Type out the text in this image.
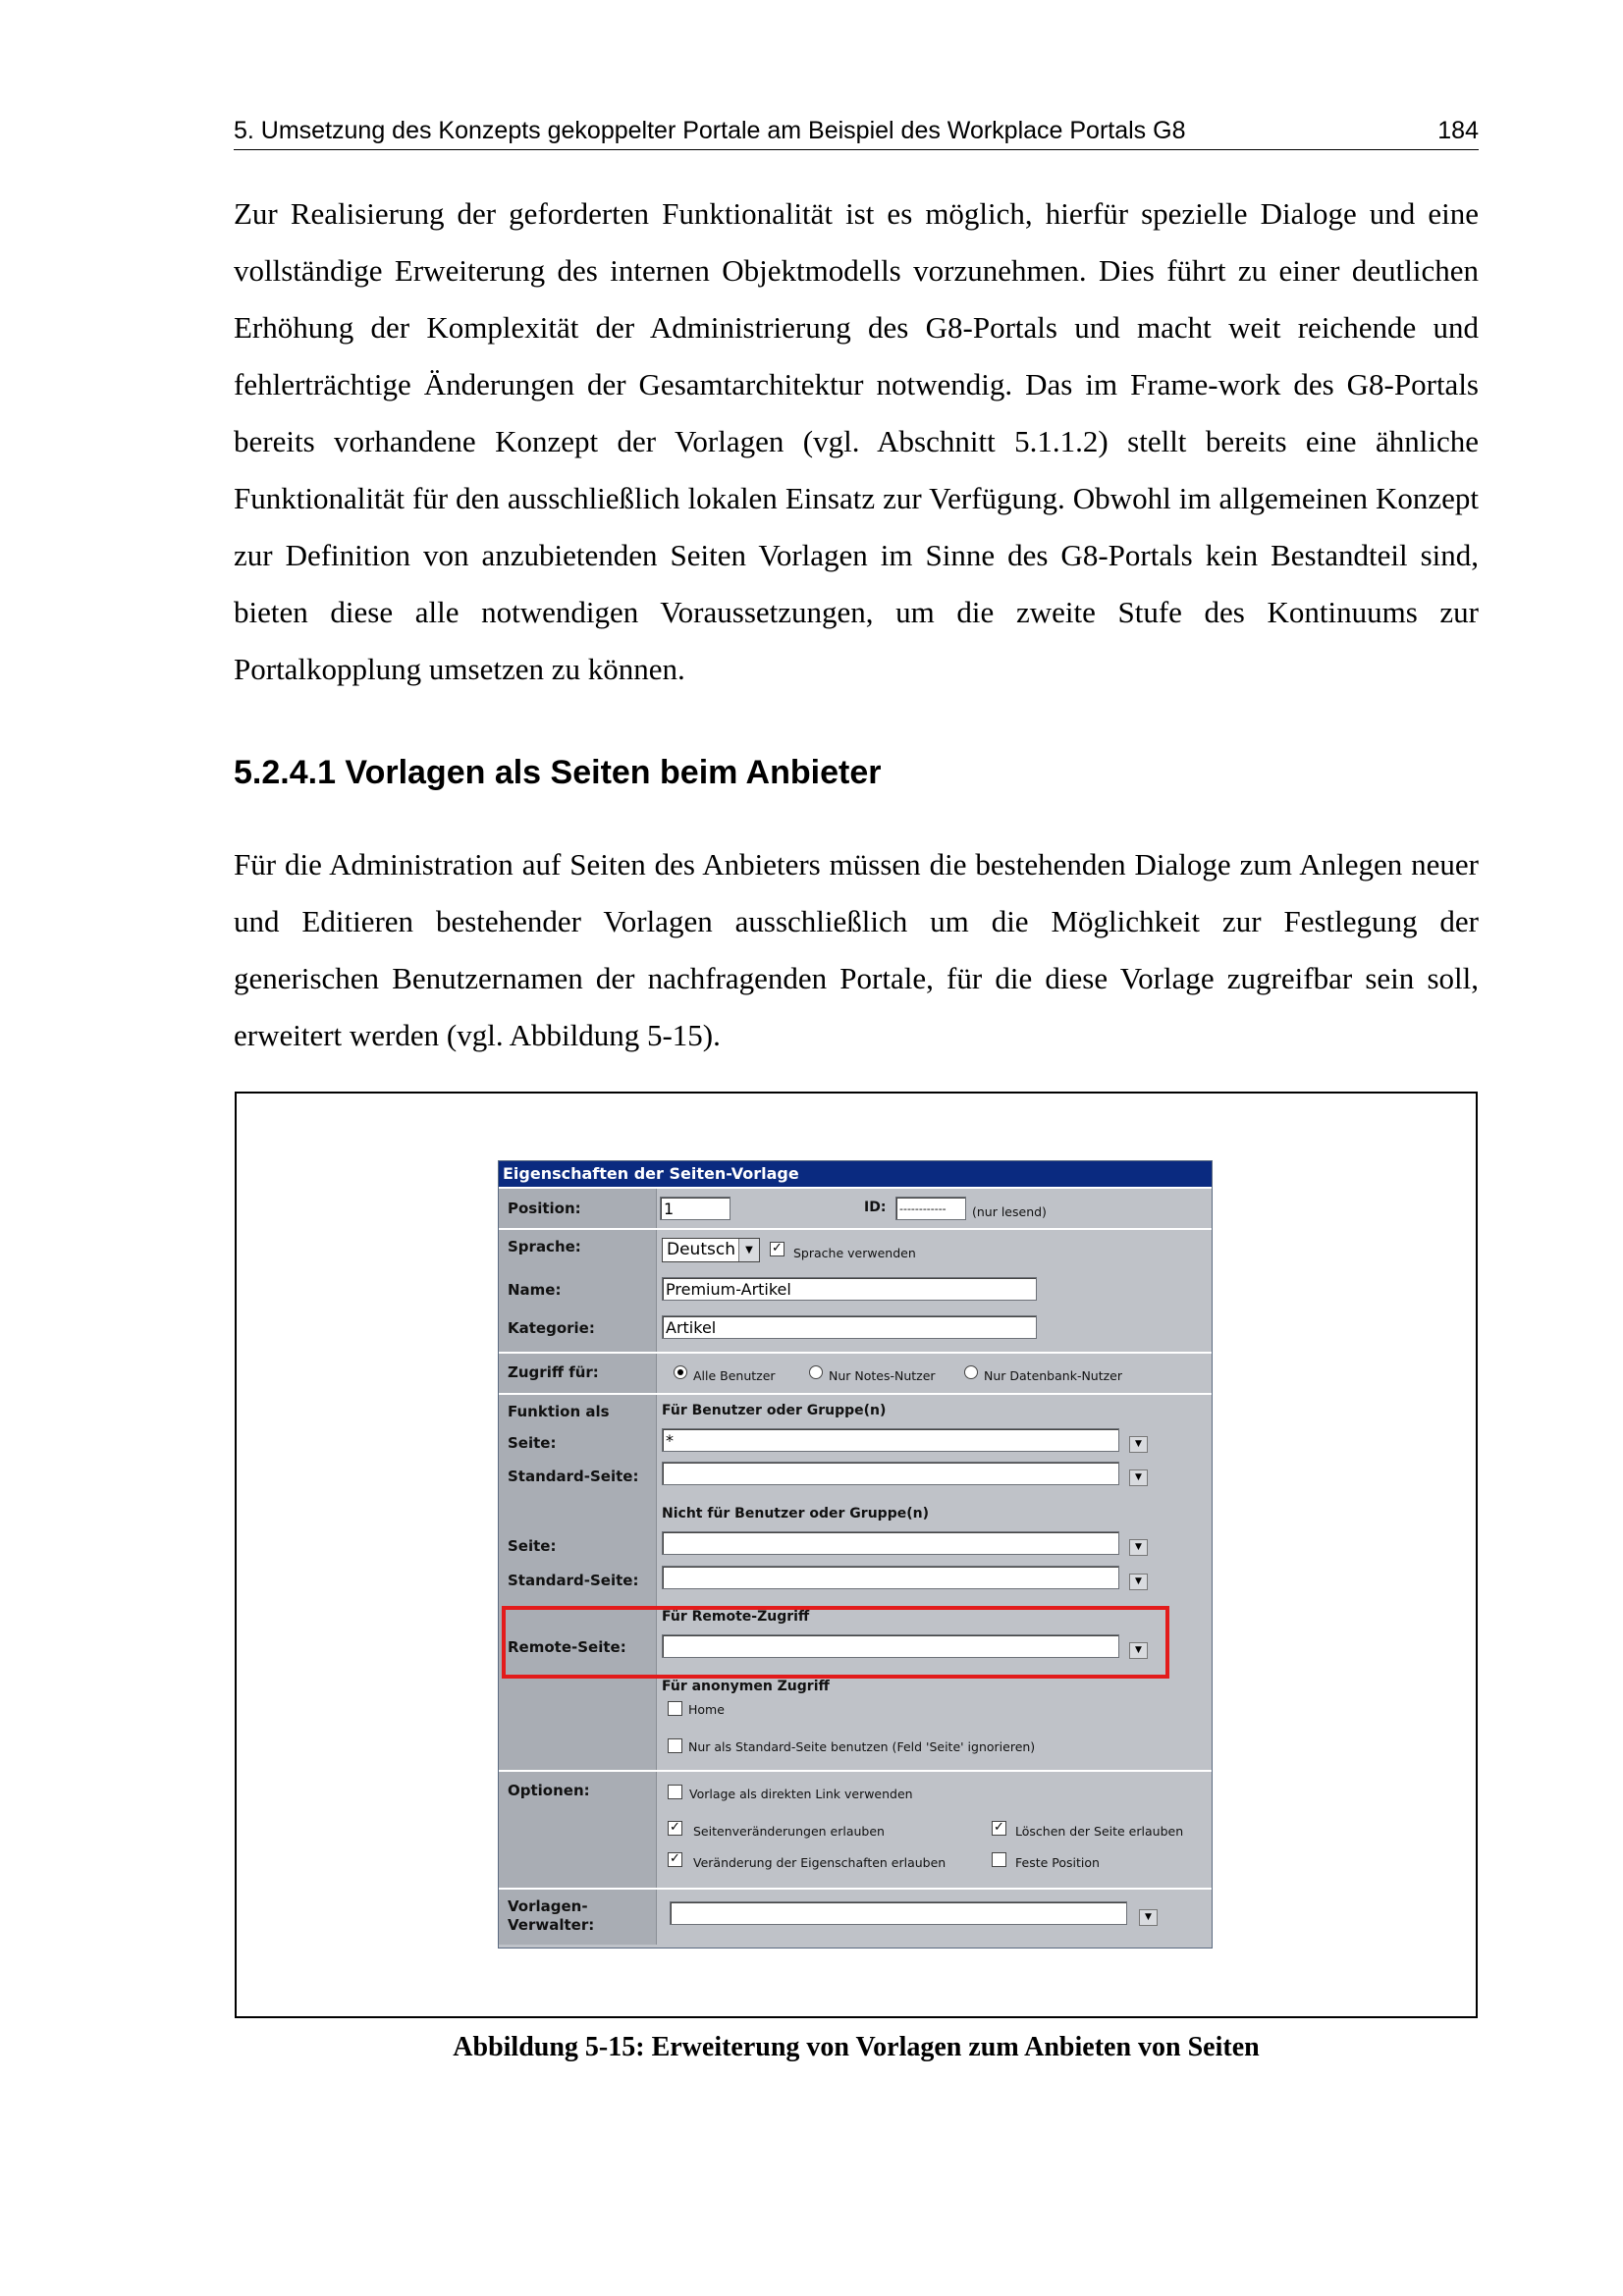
5. Umsetzung des Konzepts gekoppelter Portale am Beispiel des Workplace Portals G8	184

Zur Realisierung der geforderten Funktionalität ist es möglich, hierfür spezielle Dialoge und eine vollständige Erweiterung des internen Objektmodells vorzunehmen. Dies führt zu einer deutlichen Erhöhung der Komplexität der Administrierung des G8-Portals und macht weit reichende und fehlerträchtige Änderungen der Gesamtarchitektur notwendig. Das im Frame-work des G8-Portals bereits vorhandene Konzept der Vorlagen (vgl. Abschnitt 5.1.1.2) stellt bereits eine ähnliche Funktionalität für den ausschließlich lokalen Einsatz zur Verfügung. Obwohl im allgemeinen Konzept zur Definition von anzubietenden Seiten Vorlagen im Sinne des G8-Portals kein Bestandteil sind, bieten diese alle notwendigen Voraussetzungen, um die zweite Stufe des Kontinuums zur Portalkopplung umsetzen zu können.

5.2.4.1 Vorlagen als Seiten beim Anbieter

Für die Administration auf Seiten des Anbieters müssen die bestehenden Dialoge zum Anlegen neuer und Editieren bestehender Vorlagen ausschließlich um die Möglichkeit zur Festlegung der generischen Benutzernamen der nachfragenden Portale, für die diese Vorlage zugreifbar sein soll, erweitert werden (vgl. Abbildung 5-15).

Eigenschaften der Seiten-Vorlage
Position:	1	ID:	------------	(nur lesend)
Sprache:	Deutsch	▼	✓ Sprache verwenden
Name:	Premium-Artikel
Kategorie:	Artikel
Zugriff für:	Alle Benutzer	Nur Notes-Nutzer	Nur Datenbank-Nutzer
Funktion als	Für Benutzer oder Gruppe(n)
Seite:	*	▼
Standard-Seite:	▼
Nicht für Benutzer oder Gruppe(n)
Seite:	▼
Standard-Seite:	▼
Für Remote-Zugriff
Remote-Seite:	▼
Für anonymen Zugriff
Home
Nur als Standard-Seite benutzen (Feld 'Seite' ignorieren)
Optionen:	Vorlage als direkten Link verwenden
✓ Seitenveränderungen erlauben	✓ Löschen der Seite erlauben
✓ Veränderung der Eigenschaften erlauben	Feste Position
Vorlagen-
Verwalter:	▼
Abbildung 5-15: Erweiterung von Vorlagen zum Anbieten von Seiten
